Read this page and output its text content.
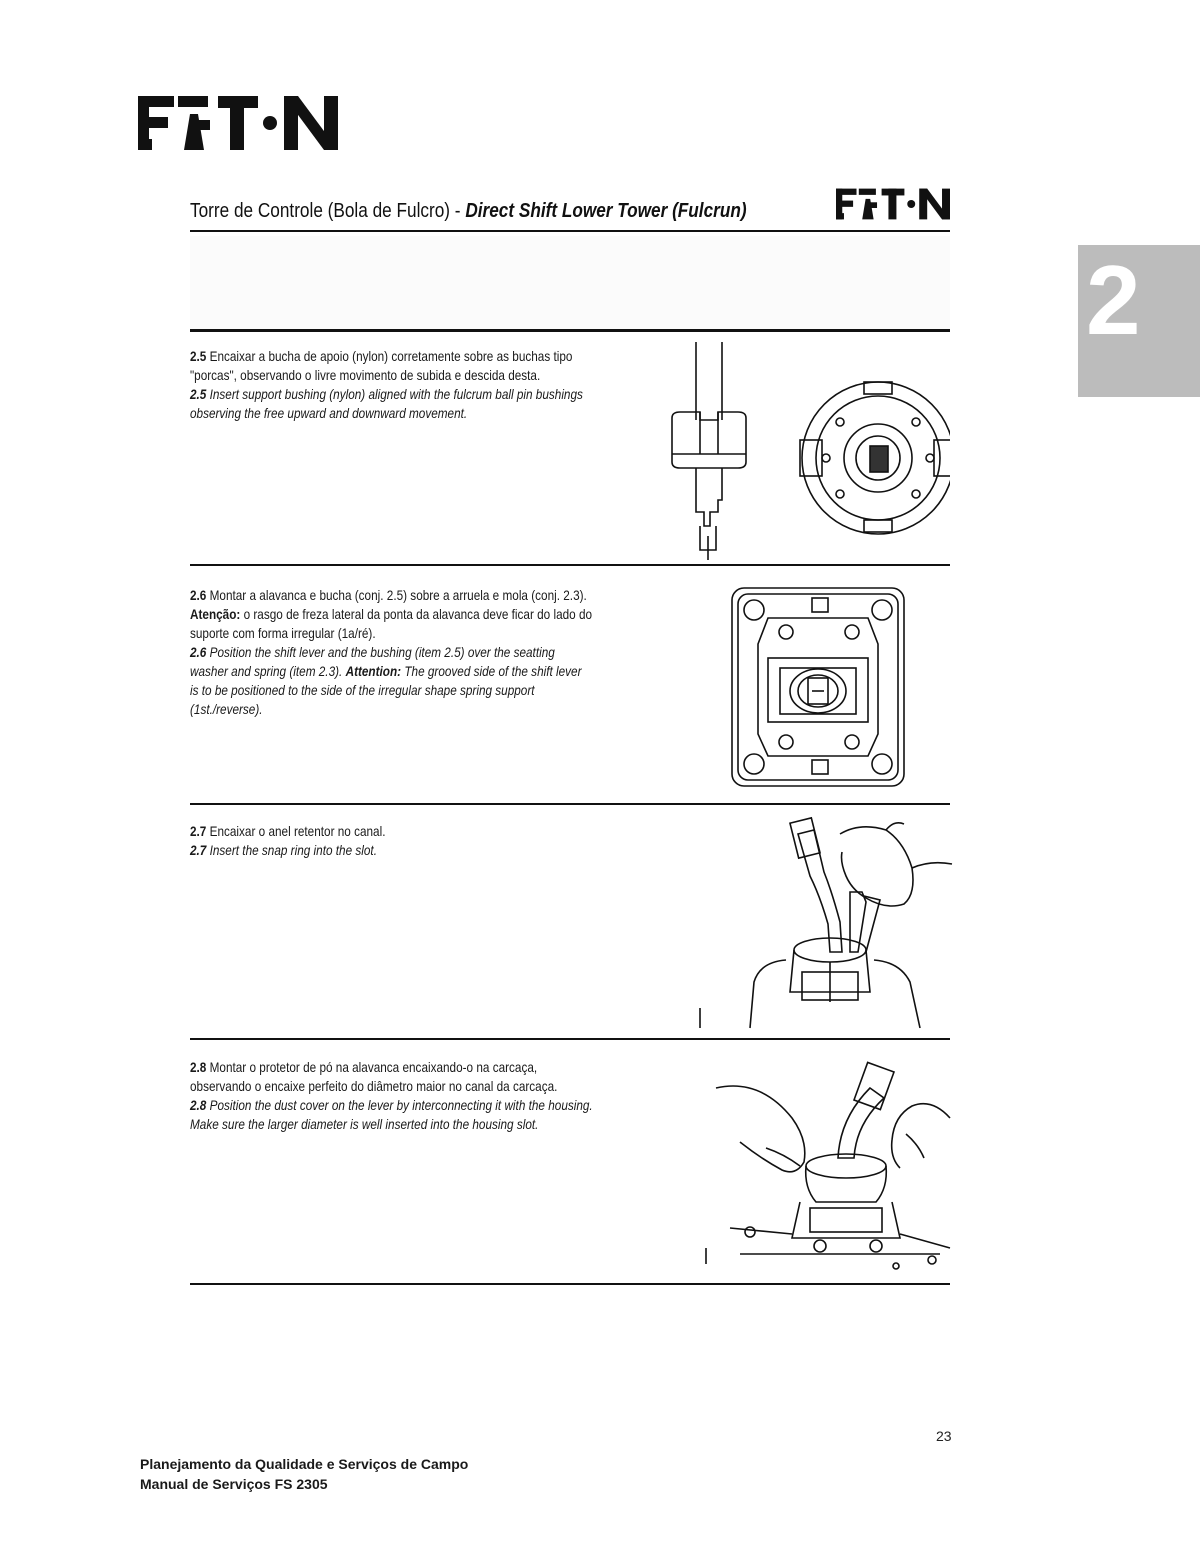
2
Torre de Controle (Bola de Fulcro) - Direct Shift Lower Tower (Fulcrun)

2.5 Encaixar a bucha de apoio (nylon) corretamente sobre as buchas tipo "porcas", observando o livre movimento de subida e descida desta.

2.5 Insert support bushing (nylon) aligned with the fulcrum ball pin bushings observing the free upward and downward movement.

2.6 Montar a alavanca e bucha (conj. 2.5) sobre a arruela e mola (conj. 2.3). Atenção: o rasgo de freza lateral da ponta da alavanca deve ficar do lado do suporte com forma irregular (1a/ré).

2.6 Position the shift lever and the bushing (item 2.5) over the seatting washer and spring (item 2.3). Attention: The grooved side of the shift lever is to be positioned to the side of the irregular shape spring support (1st./reverse).

2.7 Encaixar o anel retentor no canal.

2.7 Insert the snap ring into the slot.

2.8 Montar o protetor de pó na alavanca encaixando-o na carcaça, observando o encaixe perfeito do diâmetro maior no canal da carcaça.

2.8 Position the dust cover on the lever by interconnecting it with the housing. Make sure the larger diameter is well inserted into the housing slot.

23
Planejamento da Qualidade e Serviços de Campo
Manual de Serviços FS 2305
